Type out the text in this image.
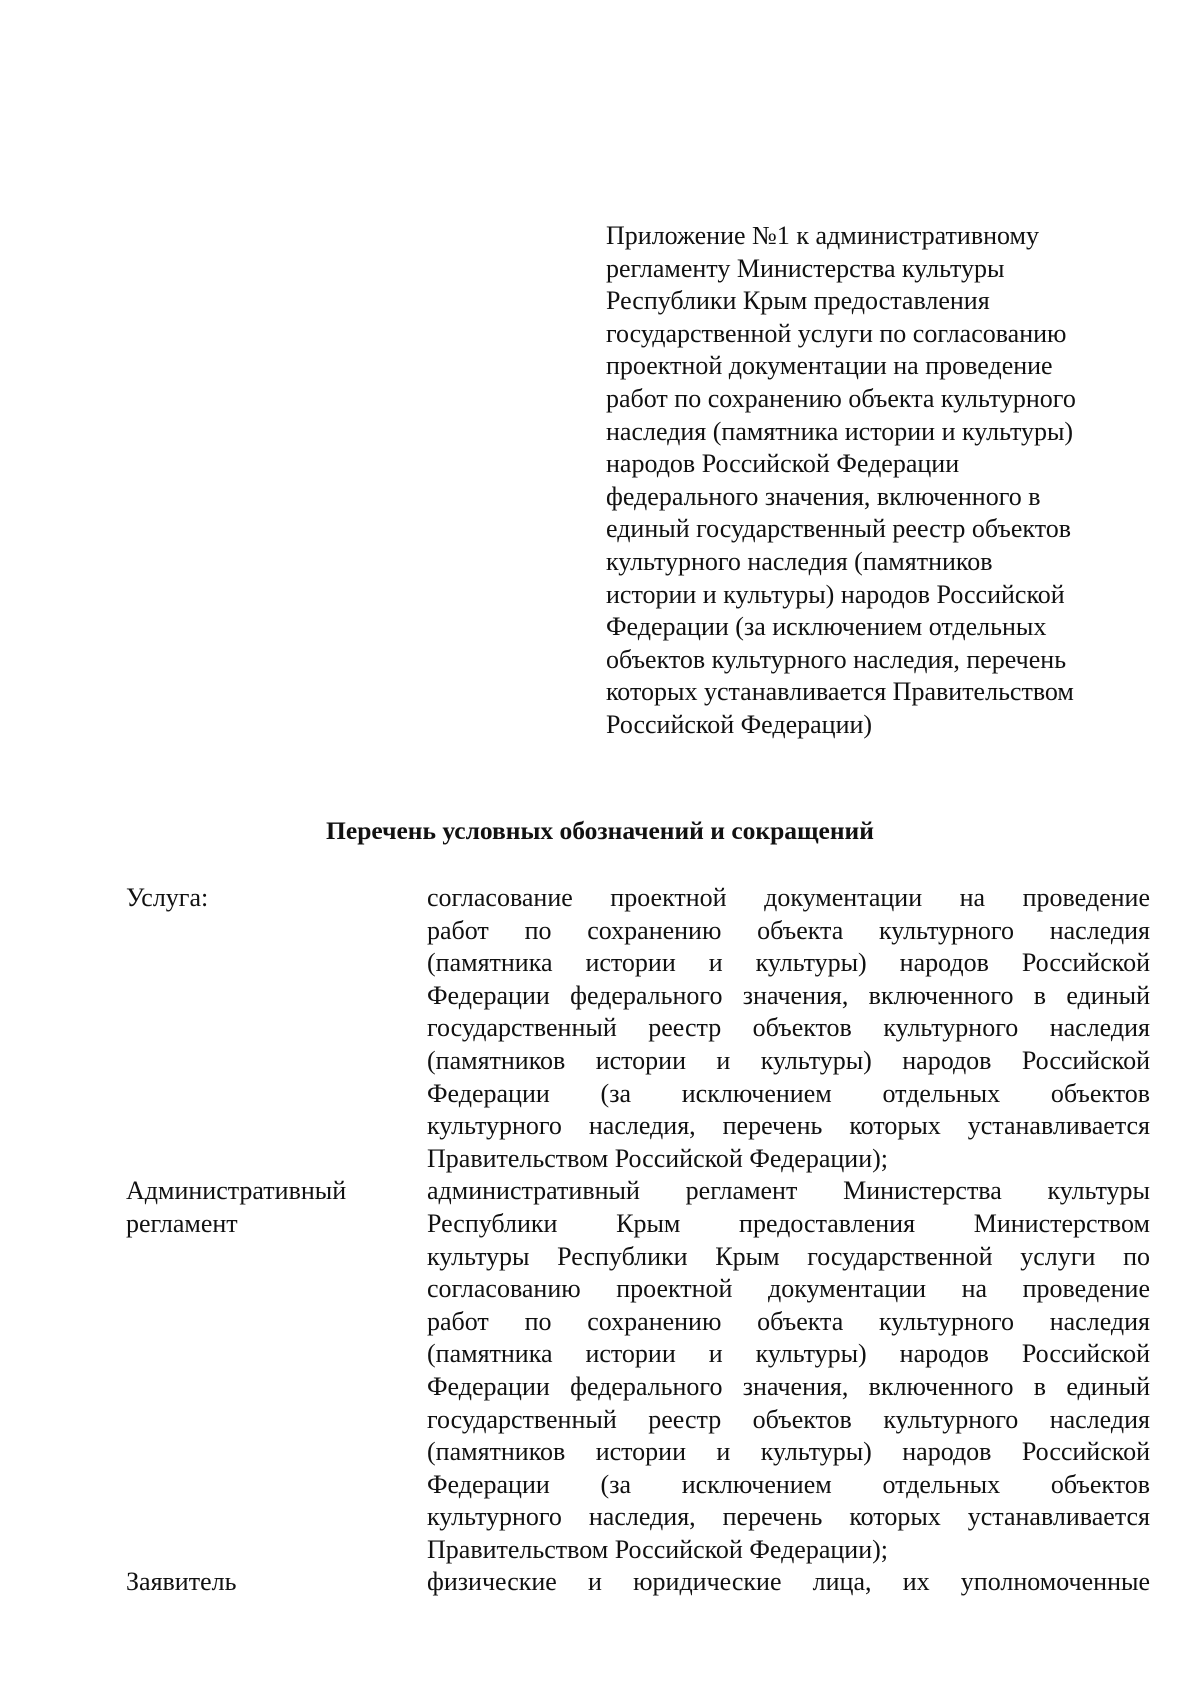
Приложение №1 к административному
регламенту Министерства культуры
Республики Крым предоставления
государственной услуги по согласованию
проектной документации на проведение
работ по сохранению объекта культурного
наследия (памятника истории и культуры)
народов Российской Федерации
федерального значения, включенного в
единый государственный реестр объектов
культурного наследия (памятников
истории и культуры) народов Российской
Федерации (за исключением отдельных
объектов культурного наследия, перечень
которых устанавливается Правительством
Российской Федерации)
Перечень условных обозначений и сокращений
Услуга:	согласование проектной документации на проведение
работ по сохранению объекта культурного наследия
(памятника истории и культуры) народов Российской
Федерации федерального значения, включенного в единый
государственный реестр объектов культурного наследия
(памятников истории и культуры) народов Российской
Федерации (за исключением отдельных объектов
культурного наследия, перечень которых устанавливается
Правительством Российской Федерации);
Административный
регламент
административный регламент Министерства культуры
Республики Крым предоставления Министерством
культуры Республики Крым государственной услуги по
согласованию проектной документации на проведение
работ по сохранению объекта культурного наследия
(памятника истории и культуры) народов Российской
Федерации федерального значения, включенного в единый
государственный реестр объектов культурного наследия
(памятников истории и культуры) народов Российской
Федерации (за исключением отдельных объектов
культурного наследия, перечень которых устанавливается
Правительством Российской Федерации);
Заявитель	физические и юридические лица, их уполномоченные
